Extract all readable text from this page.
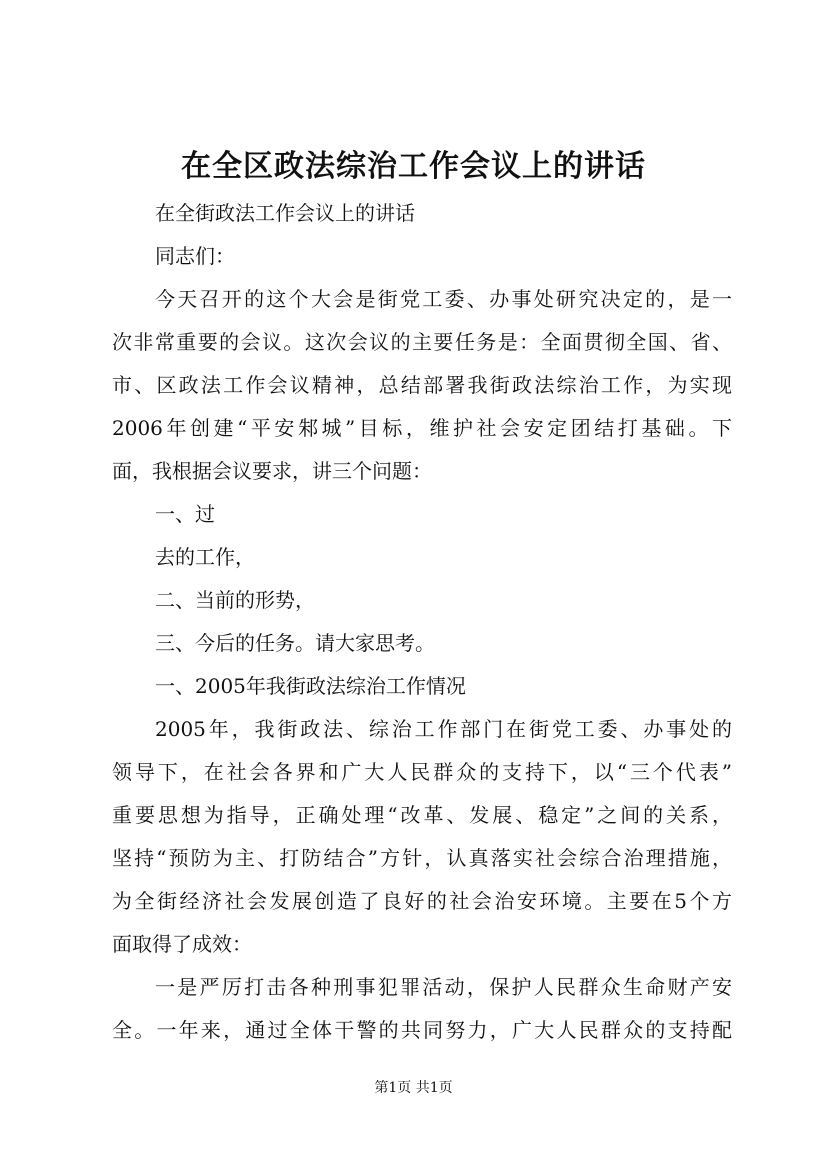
在全区政法综治工作会议上的讲话
在全街政法工作会议上的讲话
同志们：
今天召开的这个大会是街党工委、办事处研究决定的，是一
次非常重要的会议。这次会议的主要任务是：全面贯彻全国、省、
市、区政法工作会议精神，总结部署我街政法综治工作，为实现
2006年创建“平安邾城”目标，维护社会安定团结打基础。下
面，我根据会议要求，讲三个问题：
一、过
去的工作，
二、当前的形势，
三、今后的任务。请大家思考。
一、2005年我街政法综治工作情况
2005年，我街政法、综治工作部门在街党工委、办事处的
领导下，在社会各界和广大人民群众的支持下，以“三个代表”
重要思想为指导，正确处理“改革、发展、稳定”之间的关系，
坚持“预防为主、打防结合”方针，认真落实社会综合治理措施，
为全街经济社会发展创造了良好的社会治安环境。主要在5个方
面取得了成效：
一是严厉打击各种刑事犯罪活动，保护人民群众生命财产安
全。一年来，通过全体干警的共同努力，广大人民群众的支持配
第1页 共1页
